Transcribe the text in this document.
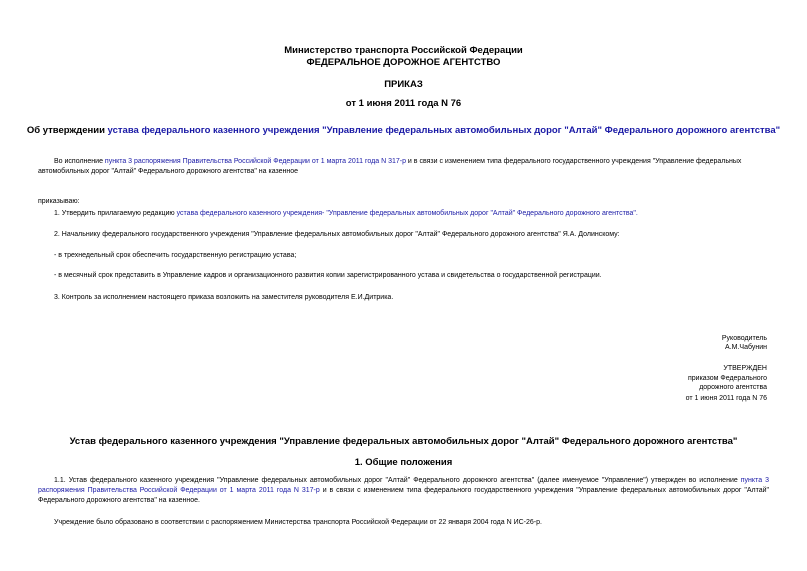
Министерство транспорта Российской Федерации
ФЕДЕРАЛЬНОЕ ДОРОЖНОЕ АГЕНТСТВО
ПРИКАЗ
от 1 июня 2011 года N 76
Об утверждении устава федерального казенного учреждения "Управление федеральных автомобильных дорог "Алтай" Федерального дорожного агентства"
Во исполнение пункта 3 распоряжения Правительства Российской Федерации от 1 марта 2011 года N 317-р и в связи с изменением типа федерального государственного учреждения "Управление федеральных автомобильных дорог "Алтай" Федерального дорожного агентства" на казенное
приказываю:
1. Утвердить прилагаемую редакцию устава федерального казенного учреждения- "Управление федеральных автомобильных дорог "Алтай" Федерального дорожного агентства".
2. Начальнику федерального государственного учреждения "Управление федеральных автомобильных дорог "Алтай" Федерального дорожного агентства" Я.А. Долинскому:
- в трехнедельный срок обеспечить государственную регистрацию устава;
- в месячный срок представить в Управление кадров и организационного развития копии зарегистрированного устава и свидетельства о государственной регистрации.
3. Контроль за исполнением настоящего приказа возложить на заместителя руководителя Е.И.Дитрика.
Руководитель
А.М.Чабунин
УТВЕРЖДЕН
приказом Федерального
дорожного агентства
от 1 июня 2011 года N 76
Устав федерального казенного учреждения "Управление федеральных автомобильных дорог "Алтай" Федерального дорожного агентства"
1. Общие положения
1.1. Устав федерального казенного учреждения "Управление федеральных автомобильных дорог "Алтай" Федерального дорожного агентства" (далее именуемое "Управление") утвержден во исполнение пункта 3 распоряжения Правительства Российской Федерации от 1 марта 2011 года N 317-р и в связи с изменением типа федерального государственного учреждения "Управление федеральных автомобильных дорог "Алтай" Федерального дорожного агентства" на казенное.
Учреждение было образовано в соответствии с распоряжением Министерства транспорта Российской Федерации от 22 января 2004 года N ИС-26-р.
